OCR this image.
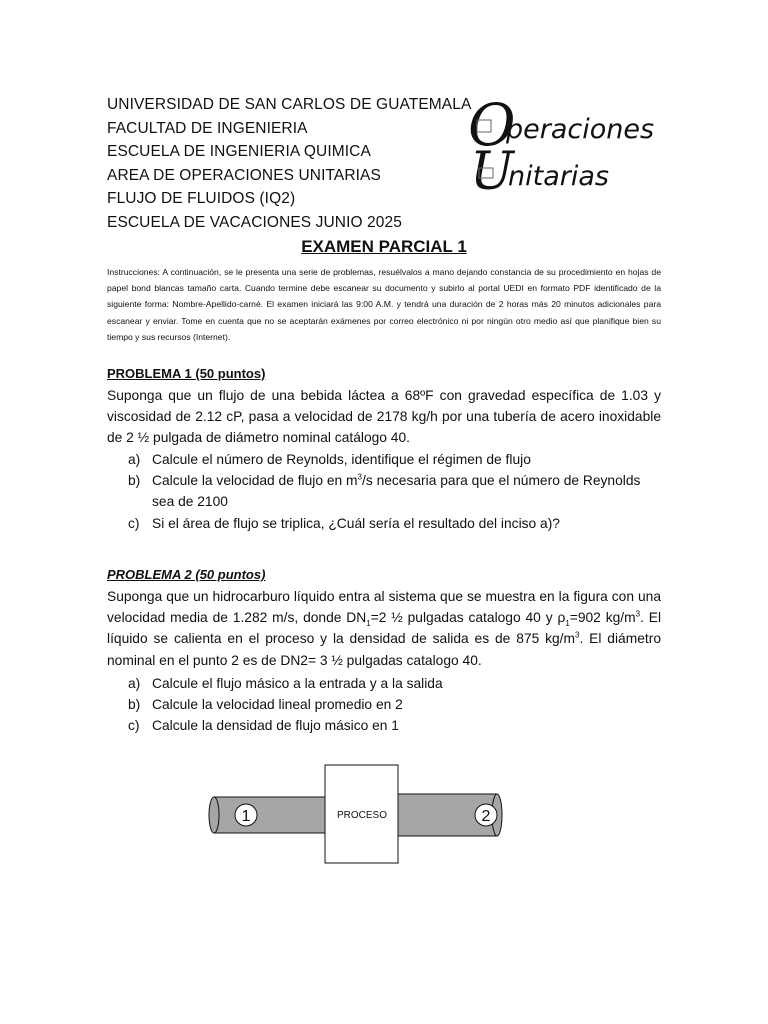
UNIVERSIDAD DE SAN CARLOS DE GUATEMALA
FACULTAD DE INGENIERIA
ESCUELA DE INGENIERIA QUIMICA
AREA DE OPERACIONES UNITARIAS
FLUJO DE FLUIDOS (IQ2)
ESCUELA DE VACACIONES JUNIO 2025
O
peraciones
U
nitarias
EXAMEN PARCIAL 1
Instrucciones: A continuación, se le presenta una serie de problemas, resuélvalos a mano dejando constancia de su procedimiento en hojas de papel bond blancas tamaño carta. Cuando termine debe escanear su documento y subirlo al portal UEDI en formato PDF identificado de la siguiente forma: Nombre-Apellido-carné. El examen iniciará las 9:00 A.M. y tendrá una duración de 2 horas más 20 minutos adicionales para escanear y enviar. Tome en cuenta que no se aceptarán exámenes por correo electrónico ni por ningún otro medio así que planifique bien su tiempo y sus recursos (Internet).
PROBLEMA 1 (50 puntos)
Suponga que un flujo de una bebida láctea a 68ºF con gravedad específica de 1.03 y viscosidad de 2.12 cP, pasa a velocidad de 2178 kg/h por una tubería de acero inoxidable de 2 ½ pulgada de diámetro nominal catálogo 40.
a) Calcule el número de Reynolds, identifique el régimen de flujo
b) Calcule la velocidad de flujo en $m^3/s$ necesaria para que el número de Reynolds sea de 2100
c) Si el área de flujo se triplica, ¿Cuál sería el resultado del inciso a)?
PROBLEMA 2 (50 puntos)
Suponga que un hidrocarburo líquido entra al sistema que se muestra en la figura con una velocidad media de 1.282 m/s, donde $DN_1=2$ ½ pulgadas catalogo 40 y $\rho_1=902$ $kg/m^3$. El líquido se calienta en el proceso y la densidad de salida es de 875 $kg/m^3$. El diámetro nominal en el punto 2 es de DN2= 3 ½ pulgadas catalogo 40.
a) Calcule el flujo másico a la entrada y a la salida
b) Calcule la velocidad lineal promedio en 2
c) Calcule la densidad de flujo másico en 1
PROCESO
1	2
